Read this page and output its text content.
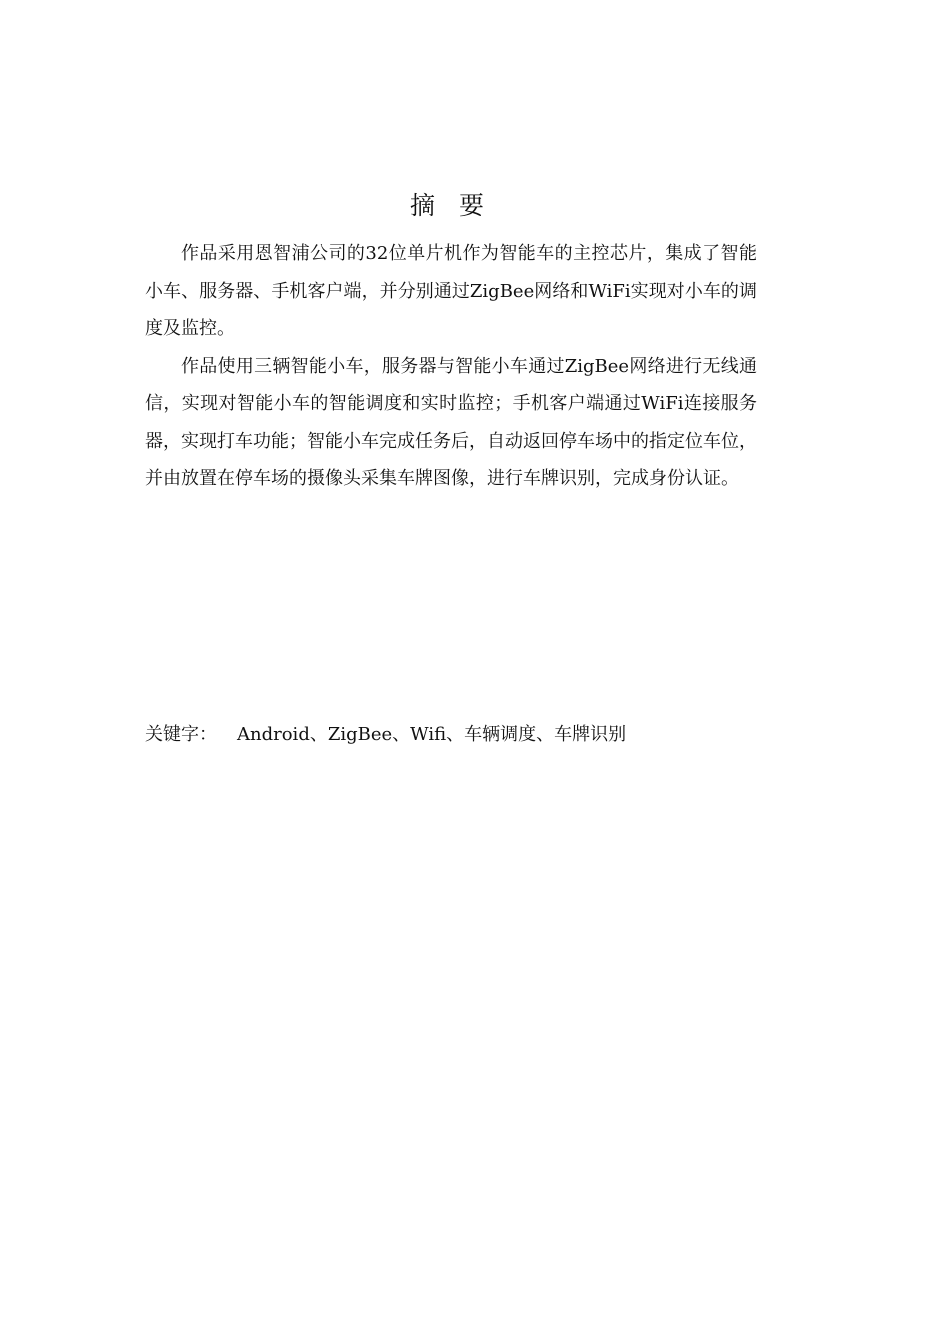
摘 要

作品采用恩智浦公司的32位单片机作为智能车的主控芯片，集成了智能小车、服务器、手机客户端，并分别通过ZigBee网络和WiFi实现对小车的调度及监控。

作品使用三辆智能小车，服务器与智能小车通过ZigBee网络进行无线通信，实现对智能小车的智能调度和实时监控；手机客户端通过WiFi连接服务器，实现打车功能；智能小车完成任务后，自动返回停车场中的指定位车位，并由放置在停车场的摄像头采集车牌图像，进行车牌识别，完成身份认证。

关键字： Android、ZigBee、Wifi、车辆调度、车牌识别
